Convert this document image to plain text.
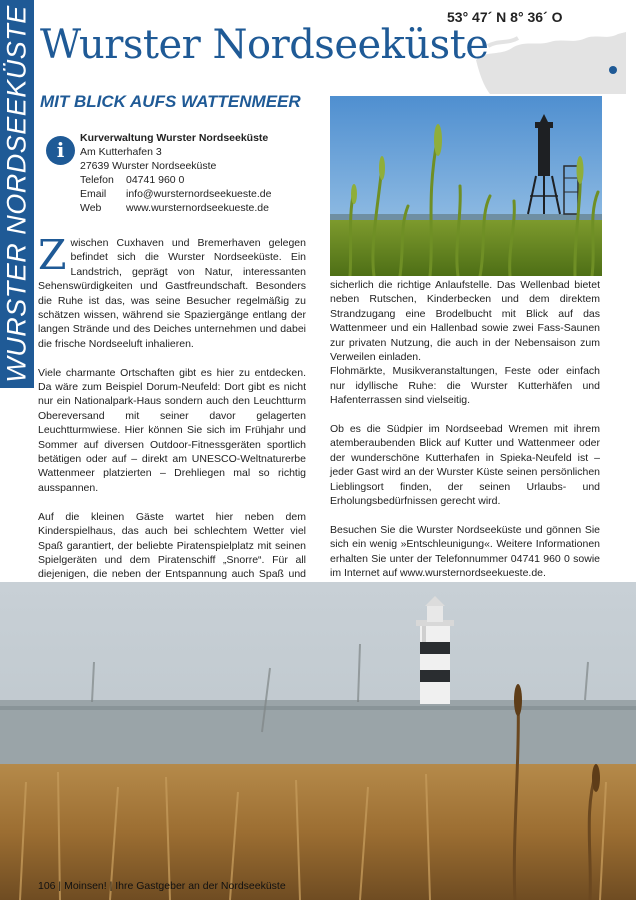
WURSTER NORDSEEKÜSTE	53° 47´ N 8° 36´ O
Wurster Nordseeküste
MIT BLICK AUFS WATTENMEER
i	Kurverwaltung Wurster Nordseeküste
Am Kutterhafen 3
27639 Wurster Nordseeküste
Telefon 04741 960 0
Email info@wursternordseekueste.de
Web www.wursternordseekueste.de

Zwischen Cuxhaven und Bremerhaven gelegen befindet sich die Wurster Nordseeküste. Ein Landstrich, geprägt von Natur, interessanten Sehenswürdigkeiten und Gastfreundschaft. Besonders die Ruhe ist das, was seine Besucher regelmäßig zu schätzen wissen, während sie Spaziergänge entlang der langen Strände und des Deiches unternehmen und dabei die frische Nordseeluft inhalieren.

Viele charmante Ortschaften gibt es hier zu entdecken. Da wäre zum Beispiel Dorum-Neufeld: Dort gibt es nicht nur ein Nationalpark-Haus sondern auch den Leuchtturm Obereversand mit seiner davor gelagerten Leuchtturmwiese. Hier können Sie sich im Frühjahr und Sommer auf diversen Outdoor-Fitnessgeräten sportlich betätigen oder auf – direkt am UNESCO-Weltnaturerbe Wattenmeer platzierten – Drehliegen mal so richtig ausspannen.

Auf die kleinen Gäste wartet hier neben dem Kinderspielhaus, das auch bei schlechtem Wetter viel Spaß garantiert, der beliebte Piratenspielplatz mit seinen Spielgeräten und dem Piratenschiff „Snorre“. Für all diejenigen, die neben der Entspannung auch Spaß und

sicherlich die richtige Anlaufstelle. Das Wellenbad bietet neben Rutschen, Kinderbecken und dem direktem Strandzugang eine Brodelbucht mit Blick auf das Wattenmeer und ein Hallenbad sowie zwei Fass-Saunen zur privaten Nutzung, die auch in der Nebensaison zum Verweilen einladen.
Flohmärkte, Musikveranstaltungen, Feste oder einfach nur idyllische Ruhe: die Wurster Kutterhäfen und Hafenterrassen sind vielseitig.

Ob es die Südpier im Nordseebad Wremen mit ihrem atemberaubenden Blick auf Kutter und Wattenmeer oder der wunderschöne Kutterhafen in Spieka-Neufeld ist – jeder Gast wird an der Wurster Küste seinen persönlichen Lieblingsort finden, der seinen Urlaubs- und Erholungsbedürfnissen gerecht wird.

Besuchen Sie die Wurster Nordseeküste und gönnen Sie sich ein wenig »Entschleunigung«. Weitere Informationen erhalten Sie unter der Telefonnummer 04741 960 0 sowie im Internet auf www.wursternordseekueste.de.

106 | Moinsen! | Ihre Gastgeber an der Nordseeküste
